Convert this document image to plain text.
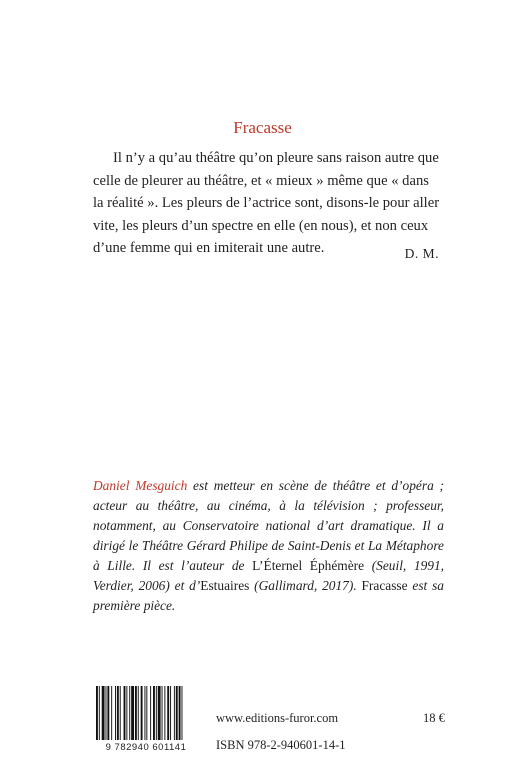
Fracasse

Il n’y a qu’au théâtre qu’on pleure sans raison autre que

celle de pleurer au théâtre, et « mieux » même que « dans

la réalité ». Les pleurs de l’actrice sont, disons-le pour aller

vite, les pleurs d’un spectre en elle (en nous), et non ceux

d’une femme qui en imiterait une autre.	D. M.
Daniel Mesguich est metteur en scène de théâtre et d’opéra ; acteur au théâtre, au cinéma, à la télévision ; professeur, notamment, au Conservatoire national d’art dramatique. Il a dirigé le Théâtre Gérard Philipe de Saint-Denis et La Métaphore à Lille. Il est l’auteur de L’Éternel Éphémère (Seuil, 1991, Verdier, 2006) et d’Estuaires (Gallimard, 2017). Fracasse est sa première pièce.
9 782940 601141
www.editions-furor.com	18 €
ISBN 978-2-940601-14-1
